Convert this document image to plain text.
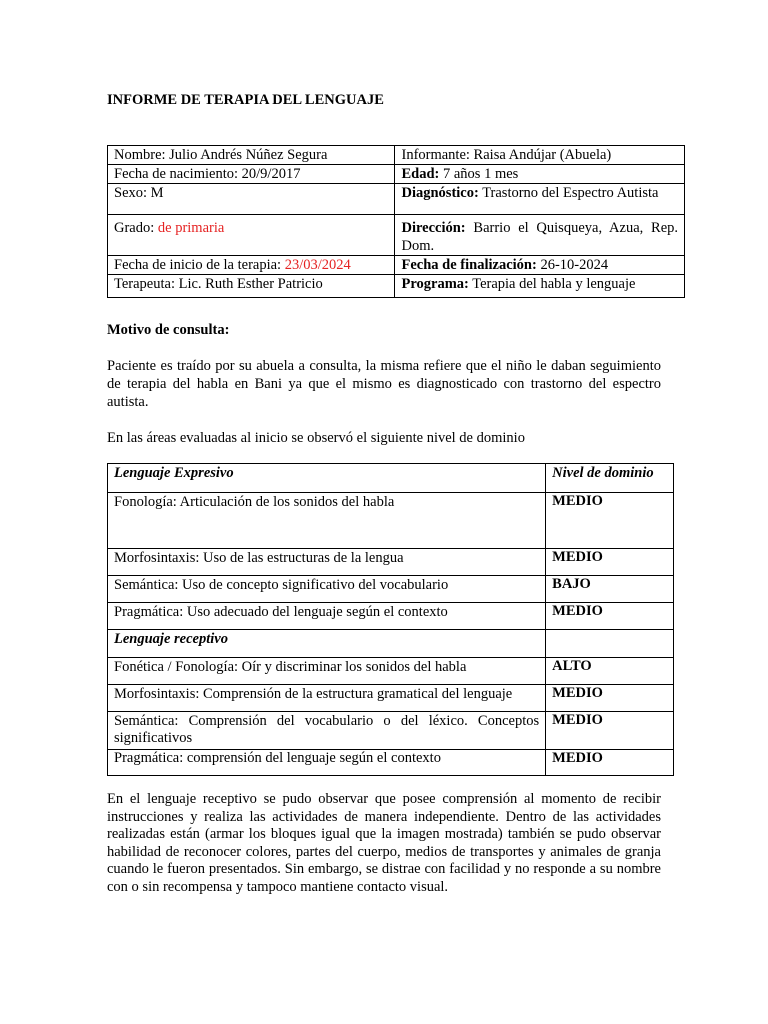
INFORME DE TERAPIA DEL LENGUAJE
Nombre: Julio Andrés Núñez Segura	Informante: Raisa Andújar (Abuela)
Fecha de nacimiento: 20/9/2017	Edad: 7 años 1 mes
Sexo: M	Diagnóstico: Trastorno del Espectro Autista
Grado: de primaria	Dirección: Barrio el Quisqueya, Azua, Rep. Dom.
Fecha de inicio de la terapia: 23/03/2024	Fecha de finalización: 26-10-2024
Terapeuta: Lic. Ruth Esther Patricio	Programa: Terapia del habla y lenguaje

Motivo de consulta:

Paciente es traído por su abuela a consulta, la misma refiere que el niño le daban seguimiento de terapia del habla en Bani ya que el mismo es diagnosticado con trastorno del espectro autista.

En las áreas evaluadas al inicio se observó el siguiente nivel de dominio

Lenguaje Expresivo	Nivel de dominio
Fonología: Articulación de los sonidos del habla	MEDIO
Morfosintaxis: Uso de las estructuras de la lengua	MEDIO
Semántica: Uso de concepto significativo del vocabulario	BAJO
Pragmática: Uso adecuado del lenguaje según el contexto	MEDIO
Lenguaje receptivo	
Fonética / Fonología: Oír y discriminar los sonidos del habla	ALTO
Morfosintaxis: Comprensión de la estructura gramatical del lenguaje	MEDIO
Semántica: Comprensión del vocabulario o del léxico. Conceptos significativos	MEDIO
Pragmática: comprensión del lenguaje según el contexto	MEDIO

En el lenguaje receptivo se pudo observar que posee comprensión al momento de recibir instrucciones y realiza las actividades de manera independiente. Dentro de las actividades realizadas están (armar los bloques igual que la imagen mostrada) también se pudo observar habilidad de reconocer colores, partes del cuerpo, medios de transportes y animales de granja cuando le fueron presentados. Sin embargo, se distrae con facilidad y no responde a su nombre con o sin recompensa y tampoco mantiene contacto visual.
